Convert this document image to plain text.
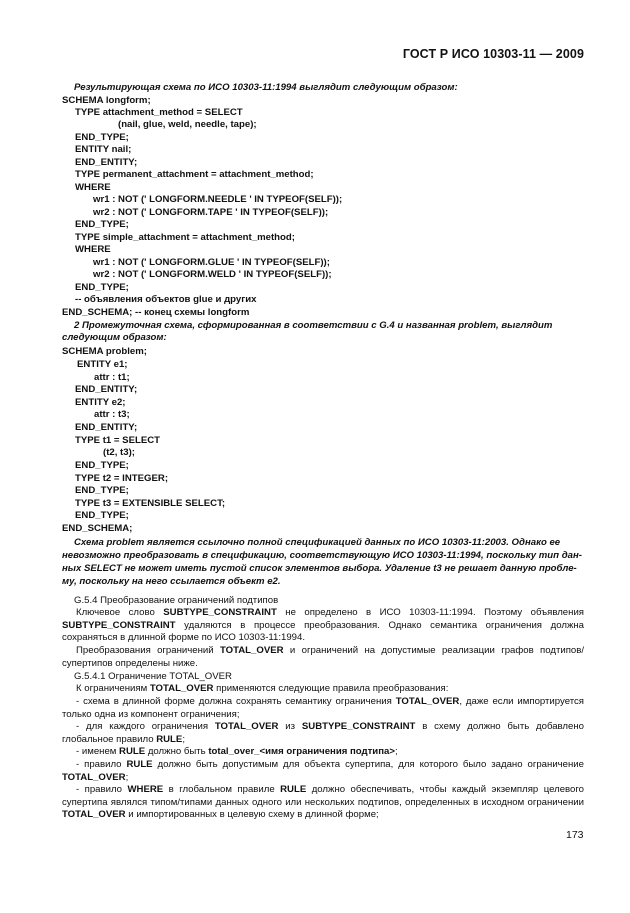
ГОСТ Р ИСО 10303-11 — 2009
Результирующая схема по ИСО 10303-11:1994 выглядит следующим образом:
SCHEMA longform;
TYPE attachment_method = SELECT
(nail, glue, weld, needle, tape);
END_TYPE;
ENTITY nail;
END_ENTITY;
TYPE permanent_attachment = attachment_method;
WHERE
wr1 : NOT (' LONGFORM.NEEDLE ' IN TYPEOF(SELF));
wr2 : NOT (' LONGFORM.TAPE ' IN TYPEOF(SELF));
END_TYPE;
TYPE simple_attachment = attachment_method;
WHERE
wr1 : NOT (' LONGFORM.GLUE ' IN TYPEOF(SELF));
wr2 : NOT (' LONGFORM.WELD ' IN TYPEOF(SELF));
END_TYPE;
-- объявления объектов glue и других
END_SCHEMA; -- конец схемы longform
2 Промежуточная схема, сформированная в соответствии с G.4 и названная problem, выглядит
следующим образом:
SCHEMA problem;
ENTITY e1;
attr : t1;
END_ENTITY;
ENTITY e2;
attr : t3;
END_ENTITY;
TYPE t1 = SELECT
(t2, t3);
END_TYPE;
TYPE t2 = INTEGER;
END_TYPE;
TYPE t3 = EXTENSIBLE SELECT;
END_TYPE;
END_SCHEMA;
Схема problem является ссылочно полной спецификацией данных по ИСО 10303-11:2003. Однако ее
невозможно преобразовать в спецификацию, соответствующую ИСО 10303-11:1994, поскольку тип дан-
ных SELECT не может иметь пустой список элементов выбора. Удаление t3 не решает данную пробле-
му, поскольку на него ссылается объект e2.
G.5.4 Преобразование ограничений подтипов
Ключевое слово SUBTYPE_CONSTRAINT не определено в ИСО 10303-11:1994. Поэтому объявления SUBTYPE_CONSTRAINT удаляются в процессе преобразования. Однако семантика ограничения должна сохраняться в длинной форме по ИСО 10303-11:1994.
Преобразования ограничений TOTAL_OVER и ограничений на допустимые реализации графов подтипов/супертипов определены ниже.
G.5.4.1 Ограничение TOTAL_OVER
К ограничениям TOTAL_OVER применяются следующие правила преобразования:
- схема в длинной форме должна сохранять семантику ограничения TOTAL_OVER, даже если импортируется только одна из компонент ограничения;
- для каждого ограничения TOTAL_OVER из SUBTYPE_CONSTRAINT в схему должно быть добавлено глобальное правило RULE;
- именем RULE должно быть total_over_<имя ограничения подтипа>;
- правило RULE должно быть допустимым для объекта супертипа, для которого было задано ограничение TOTAL_OVER;
- правило WHERE в глобальном правиле RULE должно обеспечивать, чтобы каждый экземпляр целевого супертипа являлся типом/типами данных одного или нескольких подтипов, определенных в исходном ограничении TOTAL_OVER и импортированных в целевую схему в длинной форме;
173
